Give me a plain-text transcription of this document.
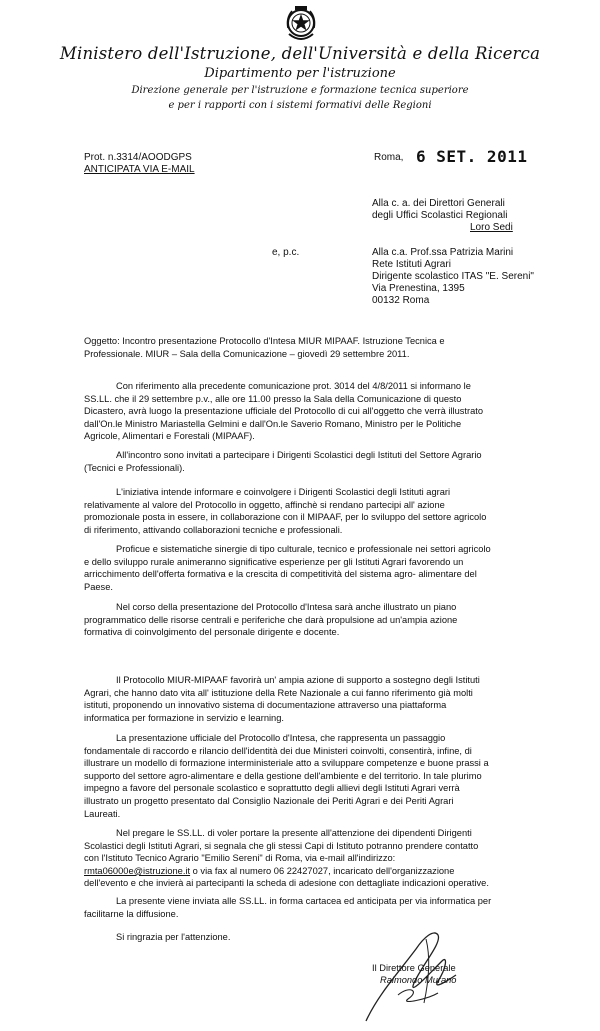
Ministero dell'Istruzione, dell'Università e della Ricerca
Dipartimento per l'istruzione
Direzione generale per l'istruzione e formazione tecnica superiore
e per i rapporti con i sistemi formativi delle Regioni
Prot. n.3314/AOODGPS
ANTICIPATA VIA E-MAIL
Roma, 6 SET. 2011
Alla c. a. dei Direttori Generali
degli Uffici Scolastici Regionali
Loro Sedi
e, p.c.	Alla c.a. Prof.ssa Patrizia Marini
Rete Istituti Agrari
Dirigente scolastico ITAS "E. Sereni"
Via Prenestina, 1395
00132 Roma
Oggetto: Incontro presentazione Protocollo d'Intesa MIUR MIPAAF. Istruzione Tecnica e
Professionale. MIUR – Sala della Comunicazione – giovedì 29 settembre 2011.
Con riferimento alla precedente comunicazione prot. 3014 del 4/8/2011 si informano le
SS.LL. che il 29 settembre p.v., alle ore 11.00 presso la Sala della Comunicazione di questo
Dicastero, avrà luogo la presentazione ufficiale del Protocollo di cui all'oggetto che verrà illustrato
dall'On.le Ministro Mariastella Gelmini e dall'On.le Saverio Romano, Ministro per le Politiche
Agricole, Alimentari e Forestali (MIPAAF).
All'incontro sono invitati a partecipare i Dirigenti Scolastici degli Istituti del Settore Agrario
(Tecnici e Professionali).
L'iniziativa intende informare e coinvolgere i Dirigenti Scolastici degli Istituti agrari
relativamente al valore del Protocollo in oggetto, affinchè si rendano partecipi all' azione
promozionale posta in essere, in collaborazione con il MIPAAF, per lo sviluppo del settore agricolo
di riferimento, attivando collaborazioni tecniche e professionali.
Proficue e sistematiche sinergie di tipo culturale, tecnico e professionale nei settori agricolo
e dello sviluppo rurale animeranno significative esperienze per gli Istituti Agrari favorendo un
arricchimento dell'offerta formativa e la crescita di competitività del sistema agro- alimentare del
Paese.
Nel corso della presentazione del Protocollo d'Intesa sarà anche illustrato un piano
programmatico delle risorse centrali e periferiche che darà propulsione ad un'ampia azione
formativa di coinvolgimento del personale dirigente e docente.
Il Protocollo MIUR-MIPAAF favorirà un' ampia azione di supporto a sostegno degli Istituti
Agrari, che hanno dato vita all' istituzione della Rete Nazionale a cui fanno riferimento già molti
istituti, proponendo un innovativo sistema di documentazione attraverso una piattaforma
informatica per formazione in servizio e learning.
La presentazione ufficiale del Protocollo d'Intesa, che rappresenta un passaggio
fondamentale di raccordo e rilancio dell'identità dei due Ministeri coinvolti, consentirà, infine, di
illustrare un modello di formazione interministeriale atto a sviluppare competenze e buone prassi a
supporto del settore agro-alimentare e della gestione dell'ambiente e del territorio. In tale plurimo
impegno a favore del personale scolastico e soprattutto degli allievi degli Istituti Agrari verrà
illustrato un progetto presentato dal Consiglio Nazionale dei Periti Agrari e dei Periti Agrari
Laureati.
Nel pregare le SS.LL. di voler portare la presente all'attenzione dei dipendenti Dirigenti
Scolastici degli Istituti Agrari, si segnala che gli stessi Capi di Istituto potranno prendere contatto
con l'Istituto Tecnico Agrario "Emilio Sereni" di Roma, via e-mail all'indirizzo:
rmta06000e@istruzione.it o via fax al numero 06 22427027, incaricato dell'organizzazione
dell'evento e che invierà ai partecipanti la scheda di adesione con dettagliate indicazioni operative.
La presente viene inviata alle SS.LL. in forma cartacea ed anticipata per via informatica per
facilitarne la diffusione.
Si ringrazia per l'attenzione.
Il Direttore Generale
Raimondo Murano
